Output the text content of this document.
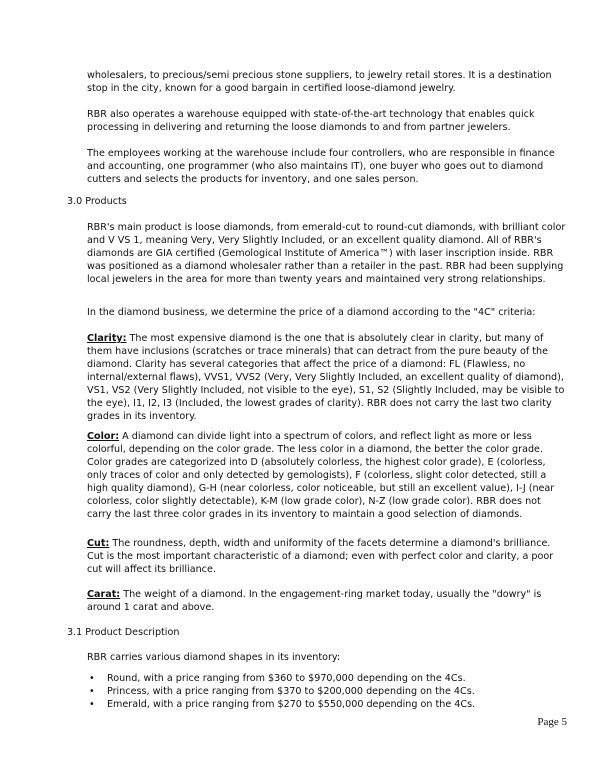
wholesalers, to precious/semi precious stone suppliers, to jewelry retail stores. It is a destination stop in the city, known for a good bargain in certified loose-diamond jewelry.

RBR also operates a warehouse equipped with state-of-the-art technology that enables quick processing in delivering and returning the loose diamonds to and from partner jewelers.

The employees working at the warehouse include four controllers, who are responsible in finance and accounting, one programmer (who also maintains IT), one buyer who goes out to diamond cutters and selects the products for inventory, and one sales person.

3.0 Products

RBR's main product is loose diamonds, from emerald-cut to round-cut diamonds, with brilliant color and V VS 1, meaning Very, Very Slightly Included, or an excellent quality diamond. All of RBR's diamonds are GIA certified (Gemological Institute of America™) with laser inscription inside. RBR was positioned as a diamond wholesaler rather than a retailer in the past. RBR had been supplying local jewelers in the area for more than twenty years and maintained very strong relationships.

In the diamond business, we determine the price of a diamond according to the "4C" criteria:

Clarity: The most expensive diamond is the one that is absolutely clear in clarity, but many of them have inclusions (scratches or trace minerals) that can detract from the pure beauty of the diamond. Clarity has several categories that affect the price of a diamond: FL (Flawless, no internal/external flaws), VVS1, VVS2 (Very, Very Slightly Included, an excellent quality of diamond), VS1, VS2 (Very Slightly Included, not visible to the eye), S1, S2 (Slightly Included, may be visible to the eye), I1, I2, I3 (Included, the lowest grades of clarity). RBR does not carry the last two clarity grades in its inventory.

Color: A diamond can divide light into a spectrum of colors, and reflect light as more or less colorful, depending on the color grade. The less color in a diamond, the better the color grade. Color grades are categorized into D (absolutely colorless, the highest color grade), E (colorless, only traces of color and only detected by gemologists), F (colorless, slight color detected, still a high quality diamond), G-H (near colorless, color noticeable, but still an excellent value), I-J (near colorless, color slightly detectable), K-M (low grade color), N-Z (low grade color). RBR does not carry the last three color grades in its inventory to maintain a good selection of diamonds.

Cut: The roundness, depth, width and uniformity of the facets determine a diamond's brilliance. Cut is the most important characteristic of a diamond; even with perfect color and clarity, a poor cut will affect its brilliance.

Carat: The weight of a diamond. In the engagement-ring market today, usually the "dowry" is around 1 carat and above.

3.1 Product Description

RBR carries various diamond shapes in its inventory:

• Round, with a price ranging from $360 to $970,000 depending on the 4Cs.
• Princess, with a price ranging from $370 to $200,000 depending on the 4Cs.
• Emerald, with a price ranging from $270 to $550,000 depending on the 4Cs.
Page 5
